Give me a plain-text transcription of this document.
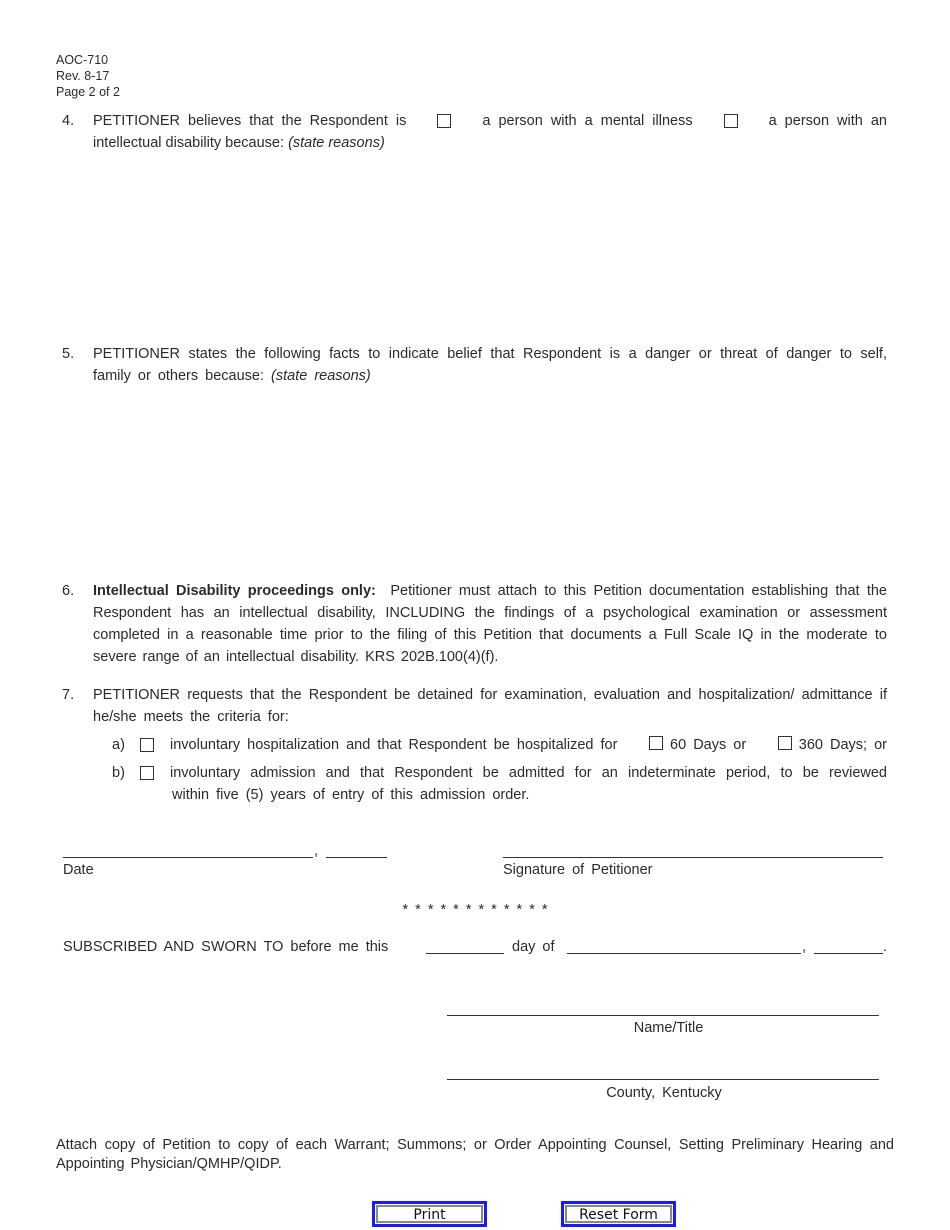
AOC-710
Rev. 8-17
Page 2 of 2
4. PETITIONER believes that the Respondent is	a person with a mental illness	a person with an
intellectual disability because: (state reasons)
5. PETITIONER states the following facts to indicate belief that Respondent is a danger or threat of danger to self, family or others because: (state reasons)
6. Intellectual Disability proceedings only: Petitioner must attach to this Petition documentation establishing that the Respondent has an intellectual disability, INCLUDING the findings of a psychological examination or assessment completed in a reasonable time prior to the filing of this Petition that documents a Full Scale IQ in the moderate to severe range of an intellectual disability. KRS 202B.100(4)(f).
7. PETITIONER requests that the Respondent be detained for examination, evaluation and hospitalization/ admittance if he/she meets the criteria for:
a)	involuntary hospitalization and that Respondent be hospitalized for	60 Days or	360 Days; or
b)	involuntary admission and that Respondent be admitted for an indeterminate period, to be reviewed
within five (5) years of entry of this admission order.
,
Date	Signature of Petitioner
* * * * * * * * * * * *
SUBSCRIBED AND SWORN TO before me this	day of	,	.
Name/Title
County, Kentucky
Attach copy of Petition to copy of each Warrant; Summons; or Order Appointing Counsel, Setting Preliminary Hearing and Appointing Physician/QMHP/QIDP.
Print	Reset Form
